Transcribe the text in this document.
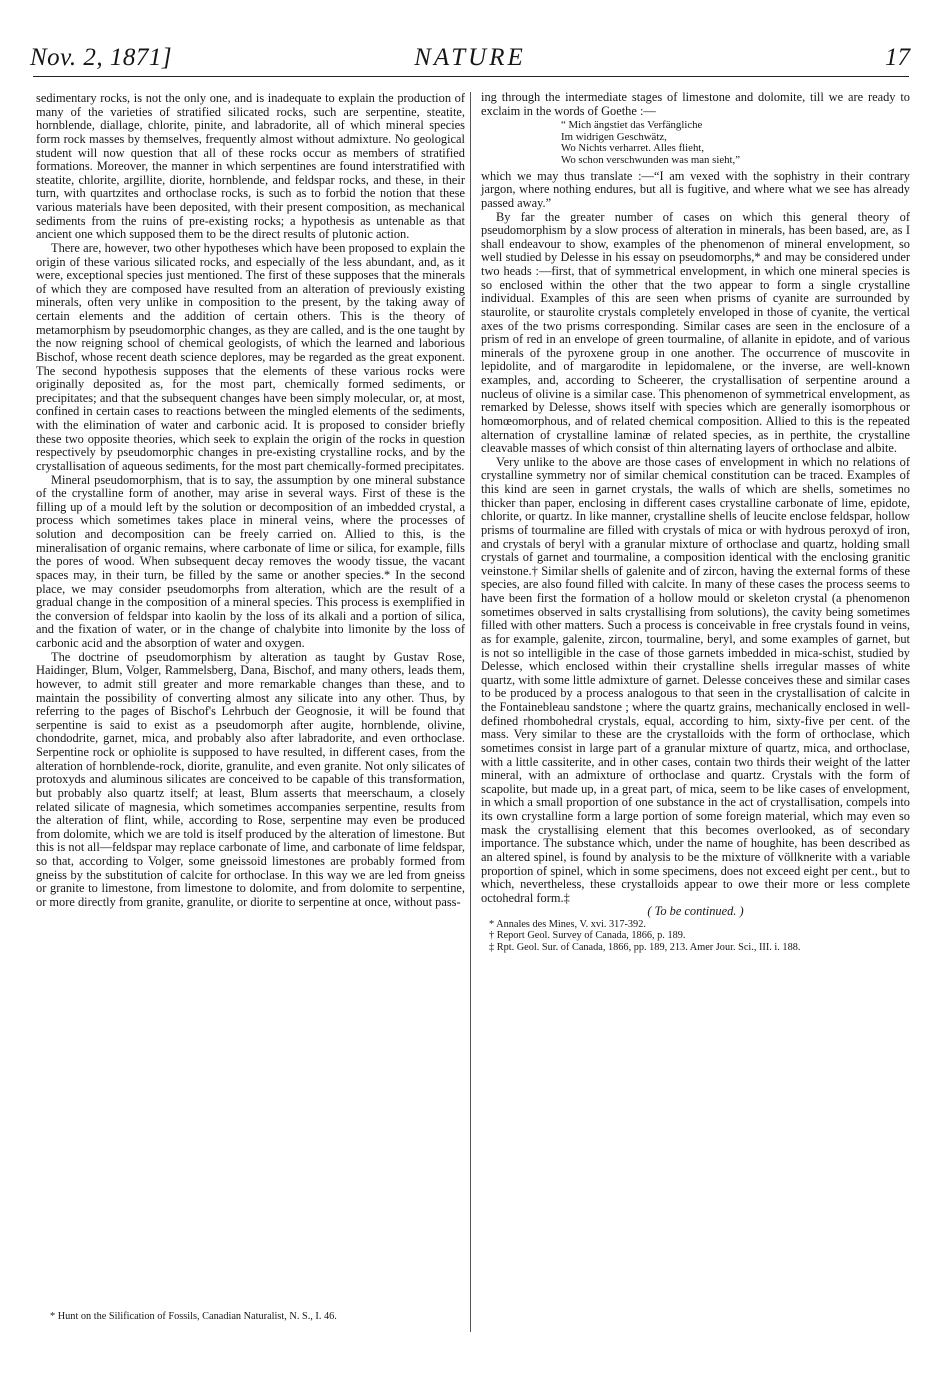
Nov. 2, 1871]	NATURE	17

sedimentary rocks, is not the only one, and is inadequate to explain the production of many of the varieties of stratified silicated rocks, such are serpentine, steatite, hornblende, diallage, chlorite, pinite, and labradorite, all of which mineral species form rock masses by themselves, frequently almost without admixture. No geological student will now question that all of these rocks occur as members of stratified formations. Moreover, the manner in which serpentines are found interstratified with steatite, chlorite, argillite, diorite, hornblende, and feldspar rocks, and these, in their turn, with quartzites and orthoclase rocks, is such as to forbid the notion that these various materials have been deposited, with their present composition, as mechanical sediments from the ruins of pre-existing rocks; a hypothesis as untenable as that ancient one which supposed them to be the direct results of plutonic action.

There are, however, two other hypotheses which have been proposed to explain the origin of these various silicated rocks, and especially of the less abundant, and, as it were, exceptional species just mentioned. The first of these supposes that the minerals of which they are composed have resulted from an alteration of previously existing minerals, often very unlike in composition to the present, by the taking away of certain elements and the addition of certain others. This is the theory of metamorphism by pseudomorphic changes, as they are called, and is the one taught by the now reigning school of chemical geologists, of which the learned and laborious Bischof, whose recent death science deplores, may be regarded as the great exponent. The second hypothesis supposes that the elements of these various rocks were originally deposited as, for the most part, chemically formed sediments, or precipitates; and that the subsequent changes have been simply molecular, or, at most, confined in certain cases to reactions between the mingled elements of the sediments, with the elimination of water and carbonic acid. It is proposed to consider briefly these two opposite theories, which seek to explain the origin of the rocks in question respectively by pseudomorphic changes in pre-existing crystalline rocks, and by the crystallisation of aqueous sediments, for the most part chemically-formed precipitates.

Mineral pseudomorphism, that is to say, the assumption by one mineral substance of the crystalline form of another, may arise in several ways. First of these is the filling up of a mould left by the solution or decomposition of an imbedded crystal, a process which sometimes takes place in mineral veins, where the processes of solution and decomposition can be freely carried on. Allied to this, is the mineralisation of organic remains, where carbonate of lime or silica, for example, fills the pores of wood. When subsequent decay removes the woody tissue, the vacant spaces may, in their turn, be filled by the same or another species.* In the second place, we may consider pseudomorphs from alteration, which are the result of a gradual change in the composition of a mineral species. This process is exemplified in the conversion of feldspar into kaolin by the loss of its alkali and a portion of silica, and the fixation of water, or in the change of chalybite into limonite by the loss of carbonic acid and the absorption of water and oxygen.

The doctrine of pseudomorphism by alteration as taught by Gustav Rose, Haidinger, Blum, Volger, Rammelsberg, Dana, Bischof, and many others, leads them, however, to admit still greater and more remarkable changes than these, and to maintain the possibility of converting almost any silicate into any other. Thus, by referring to the pages of Bischof's Lehrbuch der Geognosie, it will be found that serpentine is said to exist as a pseudomorph after augite, hornblende, olivine, chondodrite, garnet, mica, and probably also after labradorite, and even orthoclase. Serpentine rock or ophiolite is supposed to have resulted, in different cases, from the alteration of hornblende-rock, diorite, granulite, and even granite. Not only silicates of protoxyds and aluminous silicates are conceived to be capable of this transformation, but probably also quartz itself; at least, Blum asserts that meerschaum, a closely related silicate of magnesia, which sometimes accompanies serpentine, results from the alteration of flint, while, according to Rose, serpentine may even be produced from dolomite, which we are told is itself produced by the alteration of limestone. But this is not all—feldspar may replace carbonate of lime, and carbonate of lime feldspar, so that, according to Volger, some gneissoid limestones are probably formed from gneiss by the substitution of calcite for orthoclase. In this way we are led from gneiss or granite to limestone, from limestone to dolomite, and from dolomite to serpentine, or more directly from granite, granulite, or diorite to serpentine at once, without pass-

* Hunt on the Silification of Fossils, Canadian Naturalist, N. S., I. 46.

ing through the intermediate stages of limestone and dolomite, till we are ready to exclaim in the words of Goethe :—

“ Mich ängstiet das Verfängliche
Im widrigen Geschwätz,
Wo Nichts verharret. Alles flieht,
Wo schon verschwunden was man sieht,”

which we may thus translate :—“I am vexed with the sophistry in their contrary jargon, where nothing endures, but all is fugitive, and where what we see has already passed away.”

By far the greater number of cases on which this general theory of pseudomorphism by a slow process of alteration in minerals, has been based, are, as I shall endeavour to show, examples of the phenomenon of mineral envelopment, so well studied by Delesse in his essay on pseudomorphs,* and may be considered under two heads :—first, that of symmetrical envelopment, in which one mineral species is so enclosed within the other that the two appear to form a single crystalline individual. Examples of this are seen when prisms of cyanite are surrounded by staurolite, or staurolite crystals completely enveloped in those of cyanite, the vertical axes of the two prisms corresponding. Similar cases are seen in the enclosure of a prism of red in an envelope of green tourmaline, of allanite in epidote, and of various minerals of the pyroxene group in one another. The occurrence of muscovite in lepidolite, and of margarodite in lepidomalene, or the inverse, are well-known examples, and, according to Scheerer, the crystallisation of serpentine around a nucleus of olivine is a similar case. This phenomenon of symmetrical envelopment, as remarked by Delesse, shows itself with species which are generally isomorphous or homœomorphous, and of related chemical composition. Allied to this is the repeated alternation of crystalline laminæ of related species, as in perthite, the crystalline cleavable masses of which consist of thin alternating layers of orthoclase and albite.

Very unlike to the above are those cases of envelopment in which no relations of crystalline symmetry nor of similar chemical constitution can be traced. Examples of this kind are seen in garnet crystals, the walls of which are shells, sometimes no thicker than paper, enclosing in different cases crystalline carbonate of lime, epidote, chlorite, or quartz. In like manner, crystalline shells of leucite enclose feldspar, hollow prisms of tourmaline are filled with crystals of mica or with hydrous peroxyd of iron, and crystals of beryl with a granular mixture of orthoclase and quartz, holding small crystals of garnet and tourmaline, a composition identical with the enclosing granitic veinstone.† Similar shells of galenite and of zircon, having the external forms of these species, are also found filled with calcite. In many of these cases the process seems to have been first the formation of a hollow mould or skeleton crystal (a phenomenon sometimes observed in salts crystallising from solutions), the cavity being sometimes filled with other matters. Such a process is conceivable in free crystals found in veins, as for example, galenite, zircon, tourmaline, beryl, and some examples of garnet, but is not so intelligible in the case of those garnets imbedded in mica-schist, studied by Delesse, which enclosed within their crystalline shells irregular masses of white quartz, with some little admixture of garnet. Delesse conceives these and similar cases to be produced by a process analogous to that seen in the crystallisation of calcite in the Fontainebleau sandstone ; where the quartz grains, mechanically enclosed in well-defined rhombohedral crystals, equal, according to him, sixty-five per cent. of the mass. Very similar to these are the crystalloids with the form of orthoclase, which sometimes consist in large part of a granular mixture of quartz, mica, and orthoclase, with a little cassiterite, and in other cases, contain two thirds their weight of the latter mineral, with an admixture of orthoclase and quartz. Crystals with the form of scapolite, but made up, in a great part, of mica, seem to be like cases of envelopment, in which a small proportion of one substance in the act of crystallisation, compels into its own crystalline form a large portion of some foreign material, which may even so mask the crystallising element that this becomes overlooked, as of secondary importance. The substance which, under the name of houghite, has been described as an altered spinel, is found by analysis to be the mixture of völlknerite with a variable proportion of spinel, which in some specimens, does not exceed eight per cent., but to which, nevertheless, these crystalloids appear to owe their more or less complete octohedral form.‡

( To be continued. )

* Annales des Mines, V. xvi. 317-392.
† Report Geol. Survey of Canada, 1866, p. 189.
‡ Rpt. Geol. Sur. of Canada, 1866, pp. 189, 213. Amer Jour. Sci., III. i. 188.
